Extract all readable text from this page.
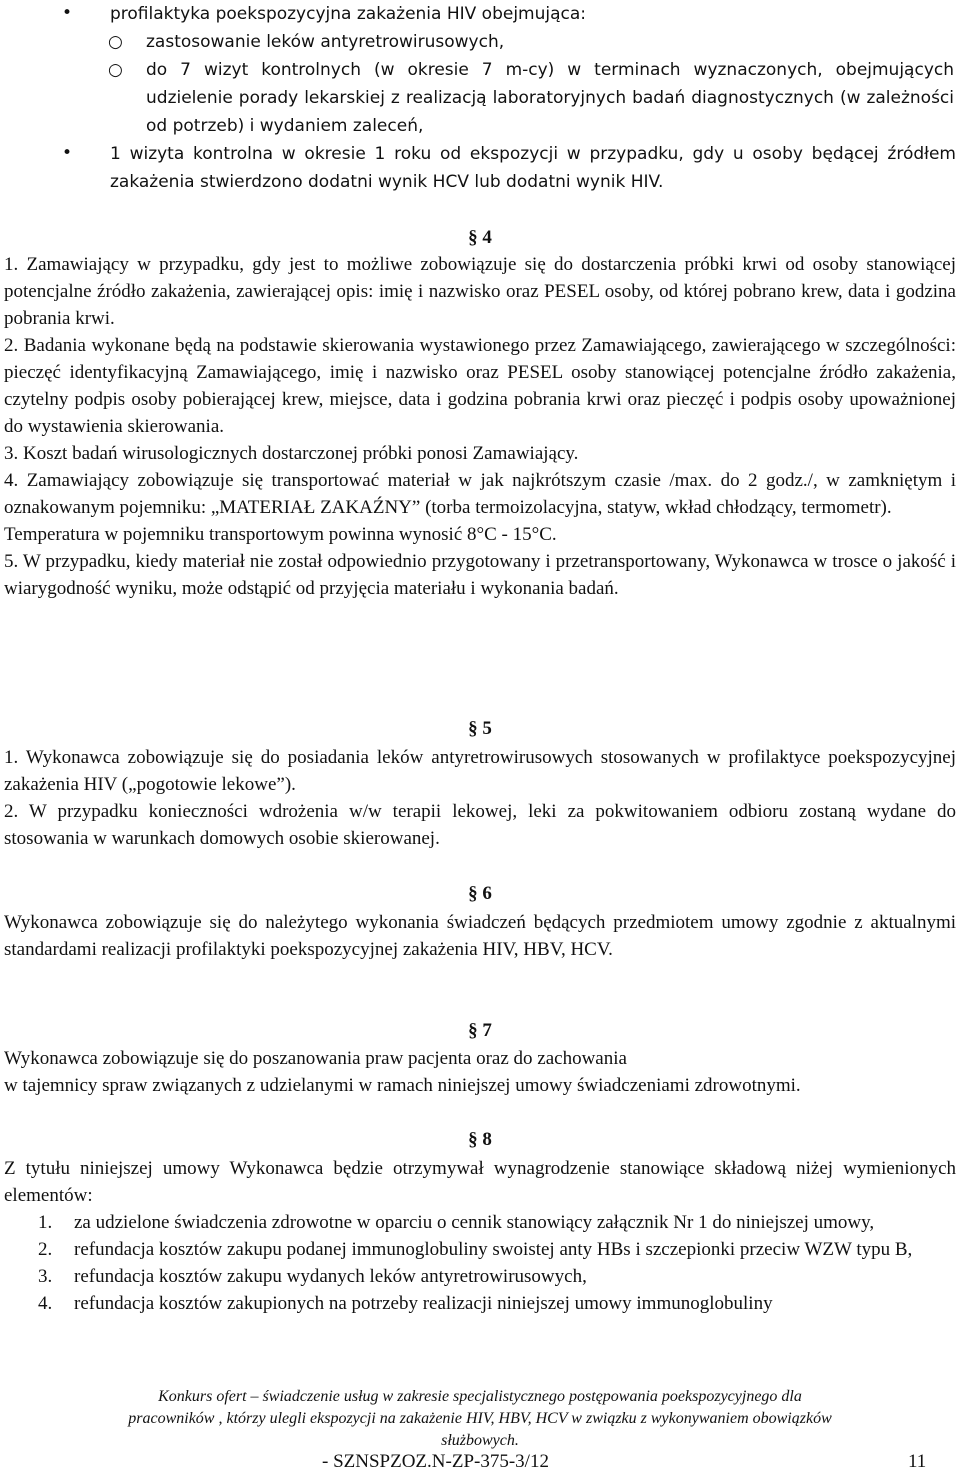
• profilaktyka poekspozycyjna zakażenia HIV obejmująca:
○ zastosowanie leków antyretrowirusowych,
○ do 7 wizyt kontrolnych (w okresie 7 m-cy) w terminach wyznaczonych, obejmujących udzielenie porady lekarskiej z realizacją laboratoryjnych badań diagnostycznych (w zależności od potrzeb) i wydaniem zaleceń,
• 1 wizyta kontrolna w okresie 1 roku od ekspozycji w przypadku, gdy u osoby będącej źródłem zakażenia stwierdzono dodatni wynik HCV lub dodatni wynik HIV.
§ 4

1. Zamawiający w przypadku, gdy jest to możliwe zobowiązuje się do dostarczenia próbki krwi od osoby stanowiącej potencjalne źródło zakażenia, zawierającej opis: imię i nazwisko oraz PESEL osoby, od której pobrano krew, data i godzina pobrania krwi.

2. Badania wykonane będą na podstawie skierowania wystawionego przez Zamawiającego, zawierającego w szczególności: pieczęć identyfikacyjną Zamawiającego, imię i nazwisko oraz PESEL osoby stanowiącej potencjalne źródło zakażenia, czytelny podpis osoby pobierającej krew, miejsce, data i godzina pobrania krwi oraz pieczęć i podpis osoby upoważnionej do wystawienia skierowania.

3. Koszt badań wirusologicznych dostarczonej próbki ponosi Zamawiający.

4. Zamawiający zobowiązuje się transportować materiał w jak najkrótszym czasie /max. do 2 godz./, w zamkniętym i oznakowanym pojemniku: „MATERIAŁ ZAKAŹNY” (torba termoizolacyjna, statyw, wkład chłodzący, termometr).

Temperatura w pojemniku transportowym powinna wynosić 8°C - 15°C.

5. W przypadku, kiedy materiał nie został odpowiednio przygotowany i przetransportowany, Wykonawca w trosce o jakość i wiarygodność wyniku, może odstąpić od przyjęcia materiału i wykonania badań.

§ 5

1. Wykonawca zobowiązuje się do posiadania leków antyretrowirusowych stosowanych w profilaktyce poekspozycyjnej zakażenia HIV („pogotowie lekowe”).

2. W przypadku konieczności wdrożenia w/w terapii lekowej, leki za pokwitowaniem odbioru zostaną wydane do stosowania w warunkach domowych osobie skierowanej.

§ 6

Wykonawca zobowiązuje się do należytego wykonania świadczeń będących przedmiotem umowy zgodnie z aktualnymi standardami realizacji profilaktyki poekspozycyjnej zakażenia HIV, HBV, HCV.

§ 7

Wykonawca zobowiązuje się do poszanowania praw pacjenta oraz do zachowania

w tajemnicy spraw związanych z udzielanymi w ramach niniejszej umowy świadczeniami zdrowotnymi.

§ 8

Z tytułu niniejszej umowy Wykonawca będzie otrzymywał wynagrodzenie stanowiące składową niżej wymienionych elementów:

1. za udzielone świadczenia zdrowotne w oparciu o cennik stanowiący załącznik Nr 1 do niniejszej umowy,
2. refundacja kosztów zakupu podanej immunoglobuliny swoistej anty HBs i szczepionki przeciw WZW typu B,
3. refundacja kosztów zakupu wydanych leków antyretrowirusowych,
4. refundacja kosztów zakupionych na potrzeby realizacji niniejszej umowy immunoglobuliny
Konkurs ofert – świadczenie usług w zakresie specjalistycznego postępowania poekspozycyjnego dla
pracowników , którzy ulegli ekspozycji na zakażenie HIV, HBV, HCV w związku z wykonywaniem obowiązków
służbowych.
- SZNSPZOZ.N-ZP-375-3/12	11
